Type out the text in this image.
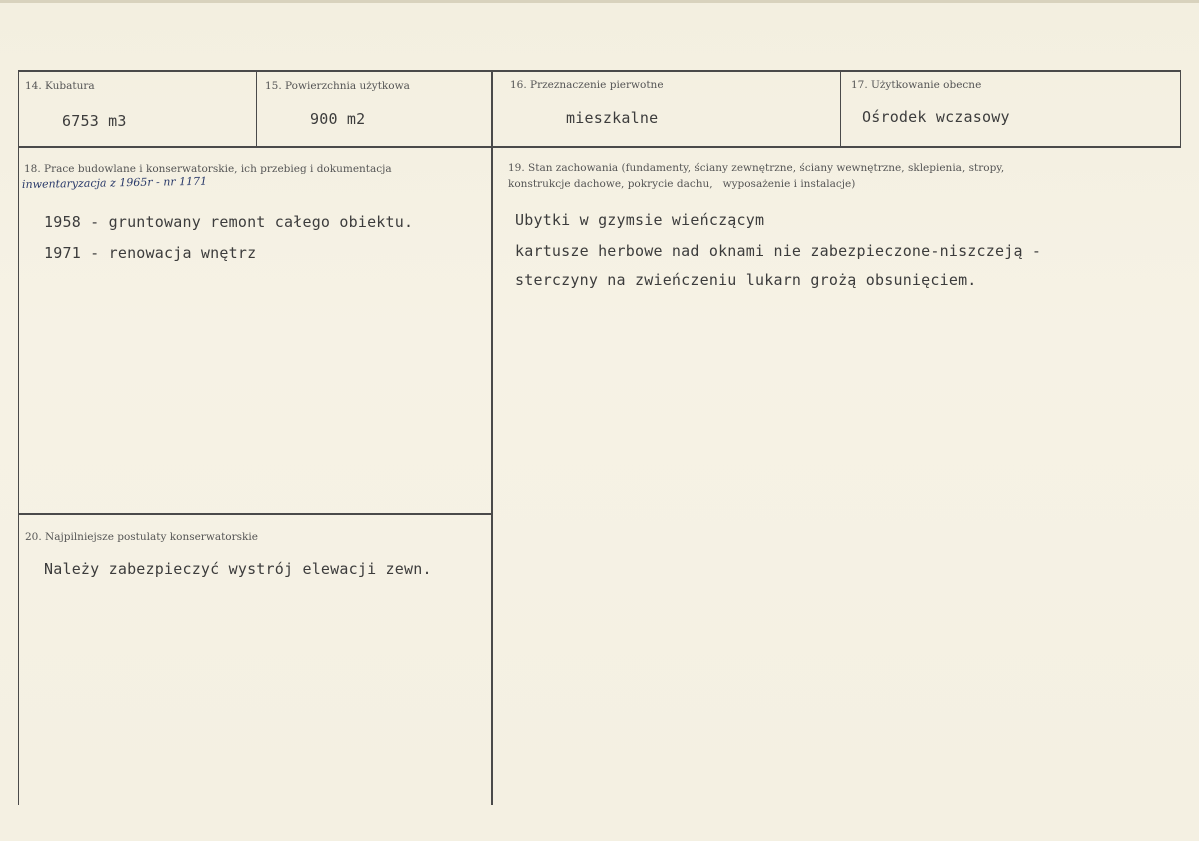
14. Kubatura
6753 m3
15. Powierzchnia użytkowa
900 m2
16. Przeznaczenie pierwotne
mieszkalne
17. Użytkowanie obecne
Ośrodek wczasowy
18. Prace budowlane i konserwatorskie, ich przebieg i dokumentacja
inwentaryzacja z 1965r - nr 1171
1958 - gruntowany remont całego obiektu.
1971 - renowacja wnętrz
19. Stan zachowania (fundamenty, ściany zewnętrzne, ściany wewnętrzne, sklepienia, stropy,
konstrukcje dachowe, pokrycie dachu,   wyposażenie i instalacje)
Ubytki w gzymsie wieńczącym
kartusze herbowe nad oknami nie zabezpieczone-niszczeją -
sterczyny na zwieńczeniu lukarn grożą obsunięciem.
20. Najpilniejsze postulaty konserwatorskie
Należy zabezpieczyć wystrój elewacji zewn.
